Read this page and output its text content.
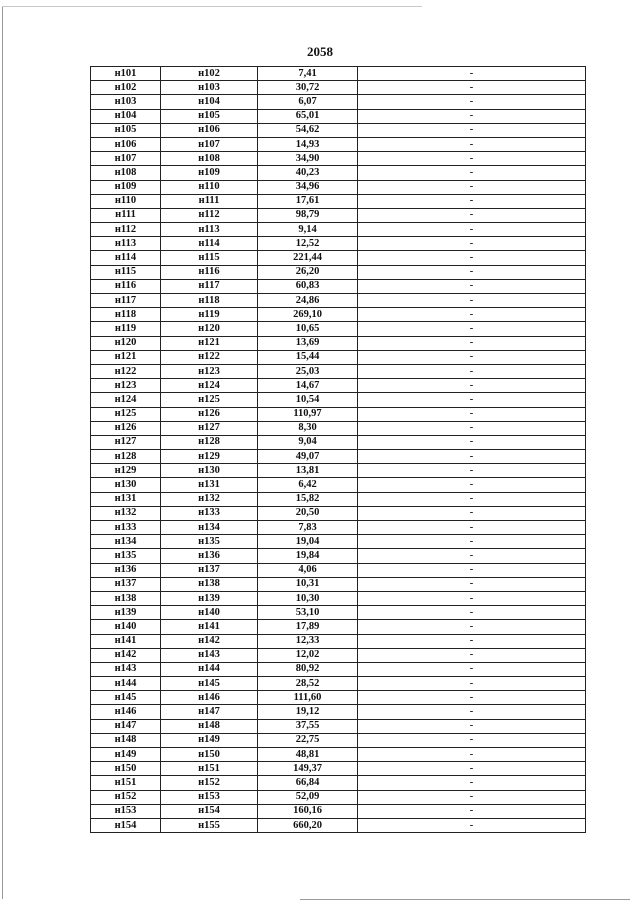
2058
н101	н102	7,41	-
н102	н103	30,72	-
н103	н104	6,07	-
н104	н105	65,01	-
н105	н106	54,62	-
н106	н107	14,93	-
н107	н108	34,90	-
н108	н109	40,23	-
н109	н110	34,96	-
н110	н111	17,61	-
н111	н112	98,79	-
н112	н113	9,14	-
н113	н114	12,52	-
н114	н115	221,44	-
н115	н116	26,20	-
н116	н117	60,83	-
н117	н118	24,86	-
н118	н119	269,10	-
н119	н120	10,65	-
н120	н121	13,69	-
н121	н122	15,44	-
н122	н123	25,03	-
н123	н124	14,67	-
н124	н125	10,54	-
н125	н126	110,97	-
н126	н127	8,30	-
н127	н128	9,04	-
н128	н129	49,07	-
н129	н130	13,81	-
н130	н131	6,42	-
н131	н132	15,82	-
н132	н133	20,50	-
н133	н134	7,83	-
н134	н135	19,04	-
н135	н136	19,84	-
н136	н137	4,06	-
н137	н138	10,31	-
н138	н139	10,30	-
н139	н140	53,10	-
н140	н141	17,89	-
н141	н142	12,33	-
н142	н143	12,02	-
н143	н144	80,92	-
н144	н145	28,52	-
н145	н146	111,60	-
н146	н147	19,12	-
н147	н148	37,55	-
н148	н149	22,75	-
н149	н150	48,81	-
н150	н151	149,37	-
н151	н152	66,84	-
н152	н153	52,09	-
н153	н154	160,16	-
н154	н155	660,20	-
